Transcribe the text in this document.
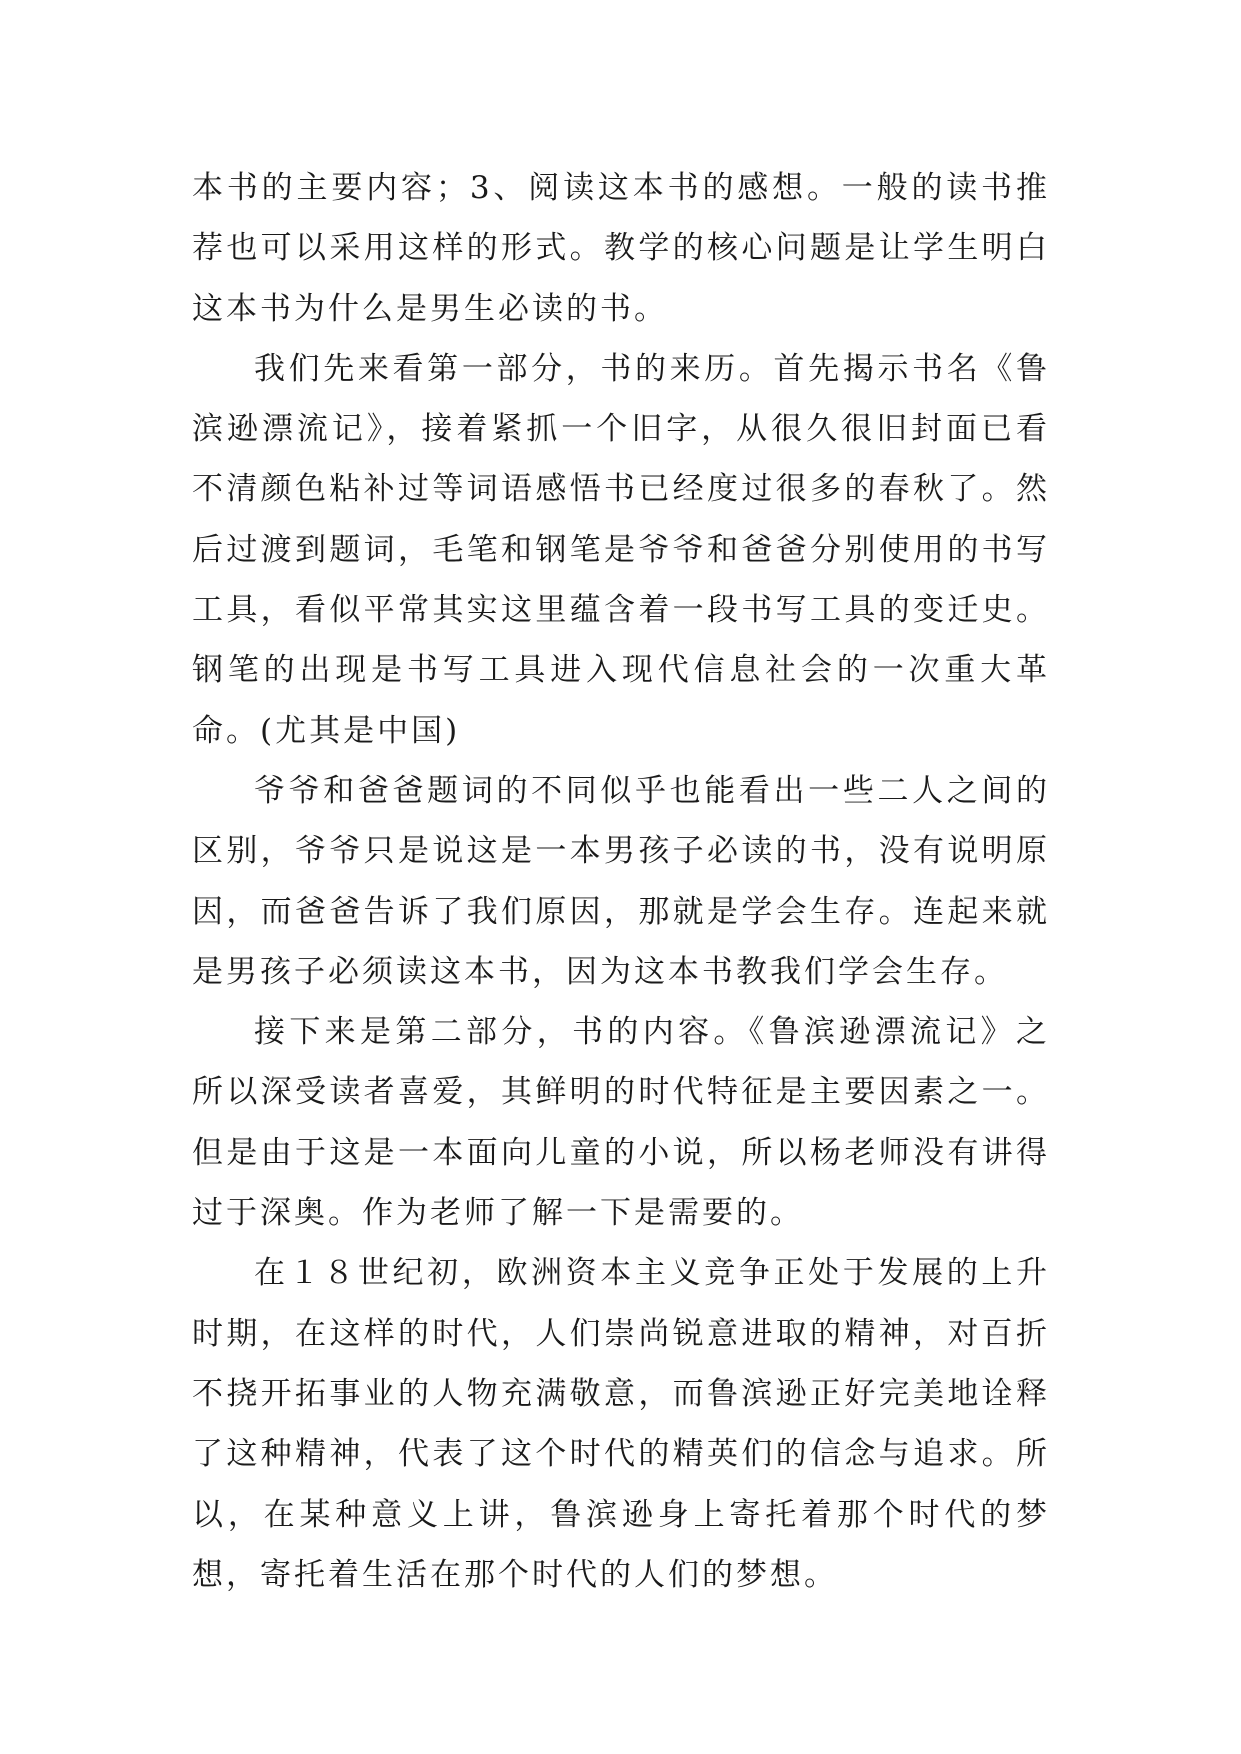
本书的主要内容；3、阅读这本书的感想。一般的读书推荐也可以采用这样的形式。教学的核心问题是让学生明白这本书为什么是男生必读的书。

我们先来看第一部分，书的来历。首先揭示书名《鲁滨逊漂流记》，接着紧抓一个旧字，从很久很旧封面已看不清颜色粘补过等词语感悟书已经度过很多的春秋了。然后过渡到题词，毛笔和钢笔是爷爷和爸爸分别使用的书写工具，看似平常其实这里蕴含着一段书写工具的变迁史。钢笔的出现是书写工具进入现代信息社会的一次重大革命。(尤其是中国)

爷爷和爸爸题词的不同似乎也能看出一些二人之间的区别，爷爷只是说这是一本男孩子必读的书，没有说明原因，而爸爸告诉了我们原因，那就是学会生存。连起来就是男孩子必须读这本书，因为这本书教我们学会生存。

接下来是第二部分，书的内容。《鲁滨逊漂流记》之所以深受读者喜爱，其鲜明的时代特征是主要因素之一。但是由于这是一本面向儿童的小说，所以杨老师没有讲得过于深奥。作为老师了解一下是需要的。

在１８世纪初，欧洲资本主义竞争正处于发展的上升时期，在这样的时代，人们崇尚锐意进取的精神，对百折不挠开拓事业的人物充满敬意，而鲁滨逊正好完美地诠释了这种精神，代表了这个时代的精英们的信念与追求。所以，在某种意义上讲，鲁滨逊身上寄托着那个时代的梦想，寄托着生活在那个时代的人们的梦想。
